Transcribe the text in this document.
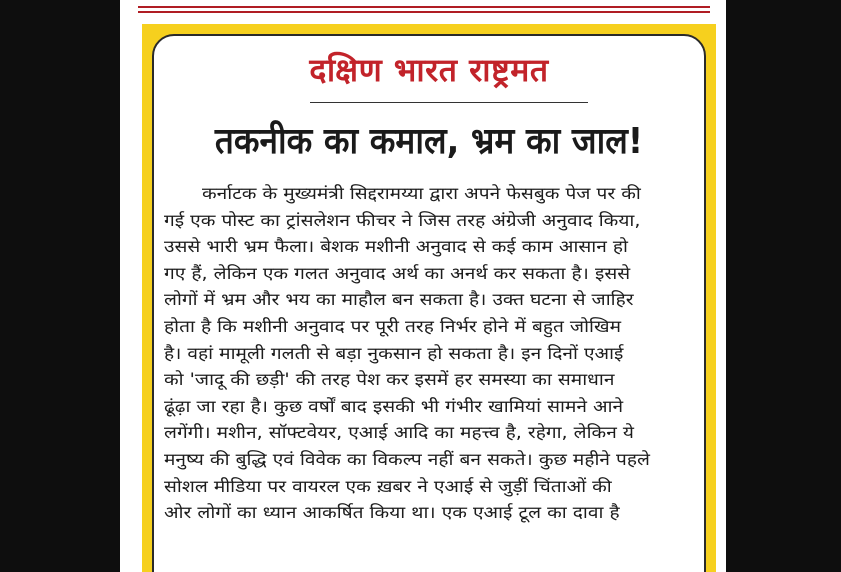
दक्षिण भारत राष्ट्रमत
तकनीक का कमाल, भ्रम का जाल!
कर्नाटक के मुख्यमंत्री सिद्दरामय्या द्वारा अपने फेसबुक पेज पर की
गई एक पोस्ट का ट्रांसलेशन फीचर ने जिस तरह अंग्रेजी अनुवाद किया,
उससे भारी भ्रम फैला। बेशक मशीनी अनुवाद से कई काम आसान हो
गए हैं, लेकिन एक गलत अनुवाद अर्थ का अनर्थ कर सकता है। इससे
लोगों में भ्रम और भय का माहौल बन सकता है। उक्त घटना से जाहिर
होता है कि मशीनी अनुवाद पर पूरी तरह निर्भर होने में बहुत जोखिम
है। वहां मामूली गलती से बड़ा नुकसान हो सकता है। इन दिनों एआई
को 'जादू की छड़ी' की तरह पेश कर इसमें हर समस्या का समाधान
ढूंढ़ा जा रहा है। कुछ वर्षों बाद इसकी भी गंभीर खामियां सामने आने
लगेंगी। मशीन, सॉफ्टवेयर, एआई आदि का महत्त्व है, रहेगा, लेकिन ये
मनुष्य की बुद्धि एवं विवेक का विकल्प नहीं बन सकते। कुछ महीने पहले
सोशल मीडिया पर वायरल एक ख़बर ने एआई से जुड़ीं चिंताओं की
ओर लोगों का ध्यान आकर्षित किया था। एक एआई टूल का दावा है
